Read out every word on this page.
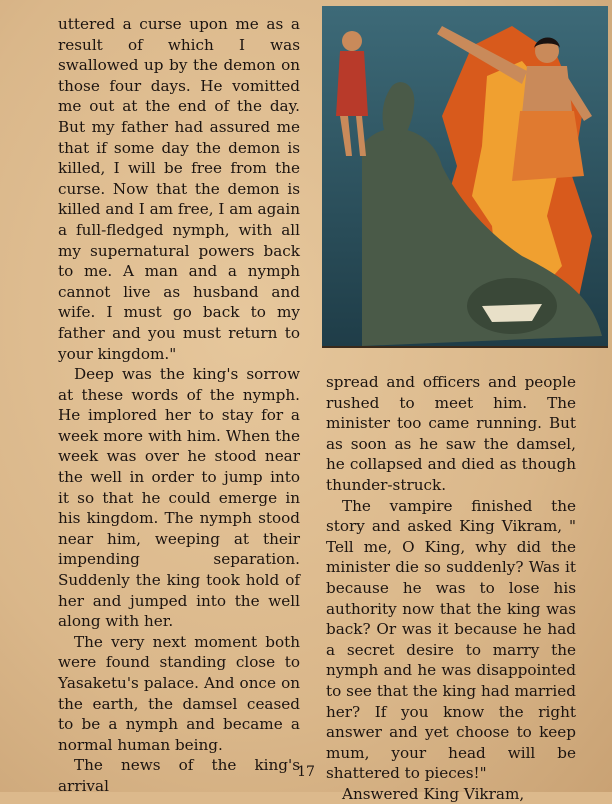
uttered a curse upon me as a result of which I was swallowed up by the demon on those four days. He vomitted me out at the end of the day. But my father had assured me that if some day the demon is killed, I will be free from the curse. Now that the demon is killed and I am free, I am again a full-fledged nymph, with all my supernatural powers back to me. A man and a nymph cannot live as husband and wife. I must go back to my father and you must return to your kingdom."

Deep was the king's sorrow at these words of the nymph. He implored her to stay for a week more with him. When the week was over he stood near the well in order to jump into it so that he could emerge in his kingdom. The nymph stood near him, weeping at their impending separation. Suddenly the king took hold of her and jumped into the well along with her.

The very next moment both were found standing close to Yasaketu's palace. And once on the earth, the damsel ceased to be a nymph and became a normal human being.

The news of the king's arrival

spread and officers and people rushed to meet him. The minister too came running. But as soon as he saw the damsel, he collapsed and died as though thunder-struck.

The vampire finished the story and asked King Vikram, " Tell me, O King, why did the minister die so suddenly? Was it because he was to lose his authority now that the king was back? Or was it because he had a secret desire to marry the nymph and he was disappointed to see that the king had married her? If you know the right answer and yet choose to keep mum, your head will be shattered to pieces!"

Answered King Vikram,

17
